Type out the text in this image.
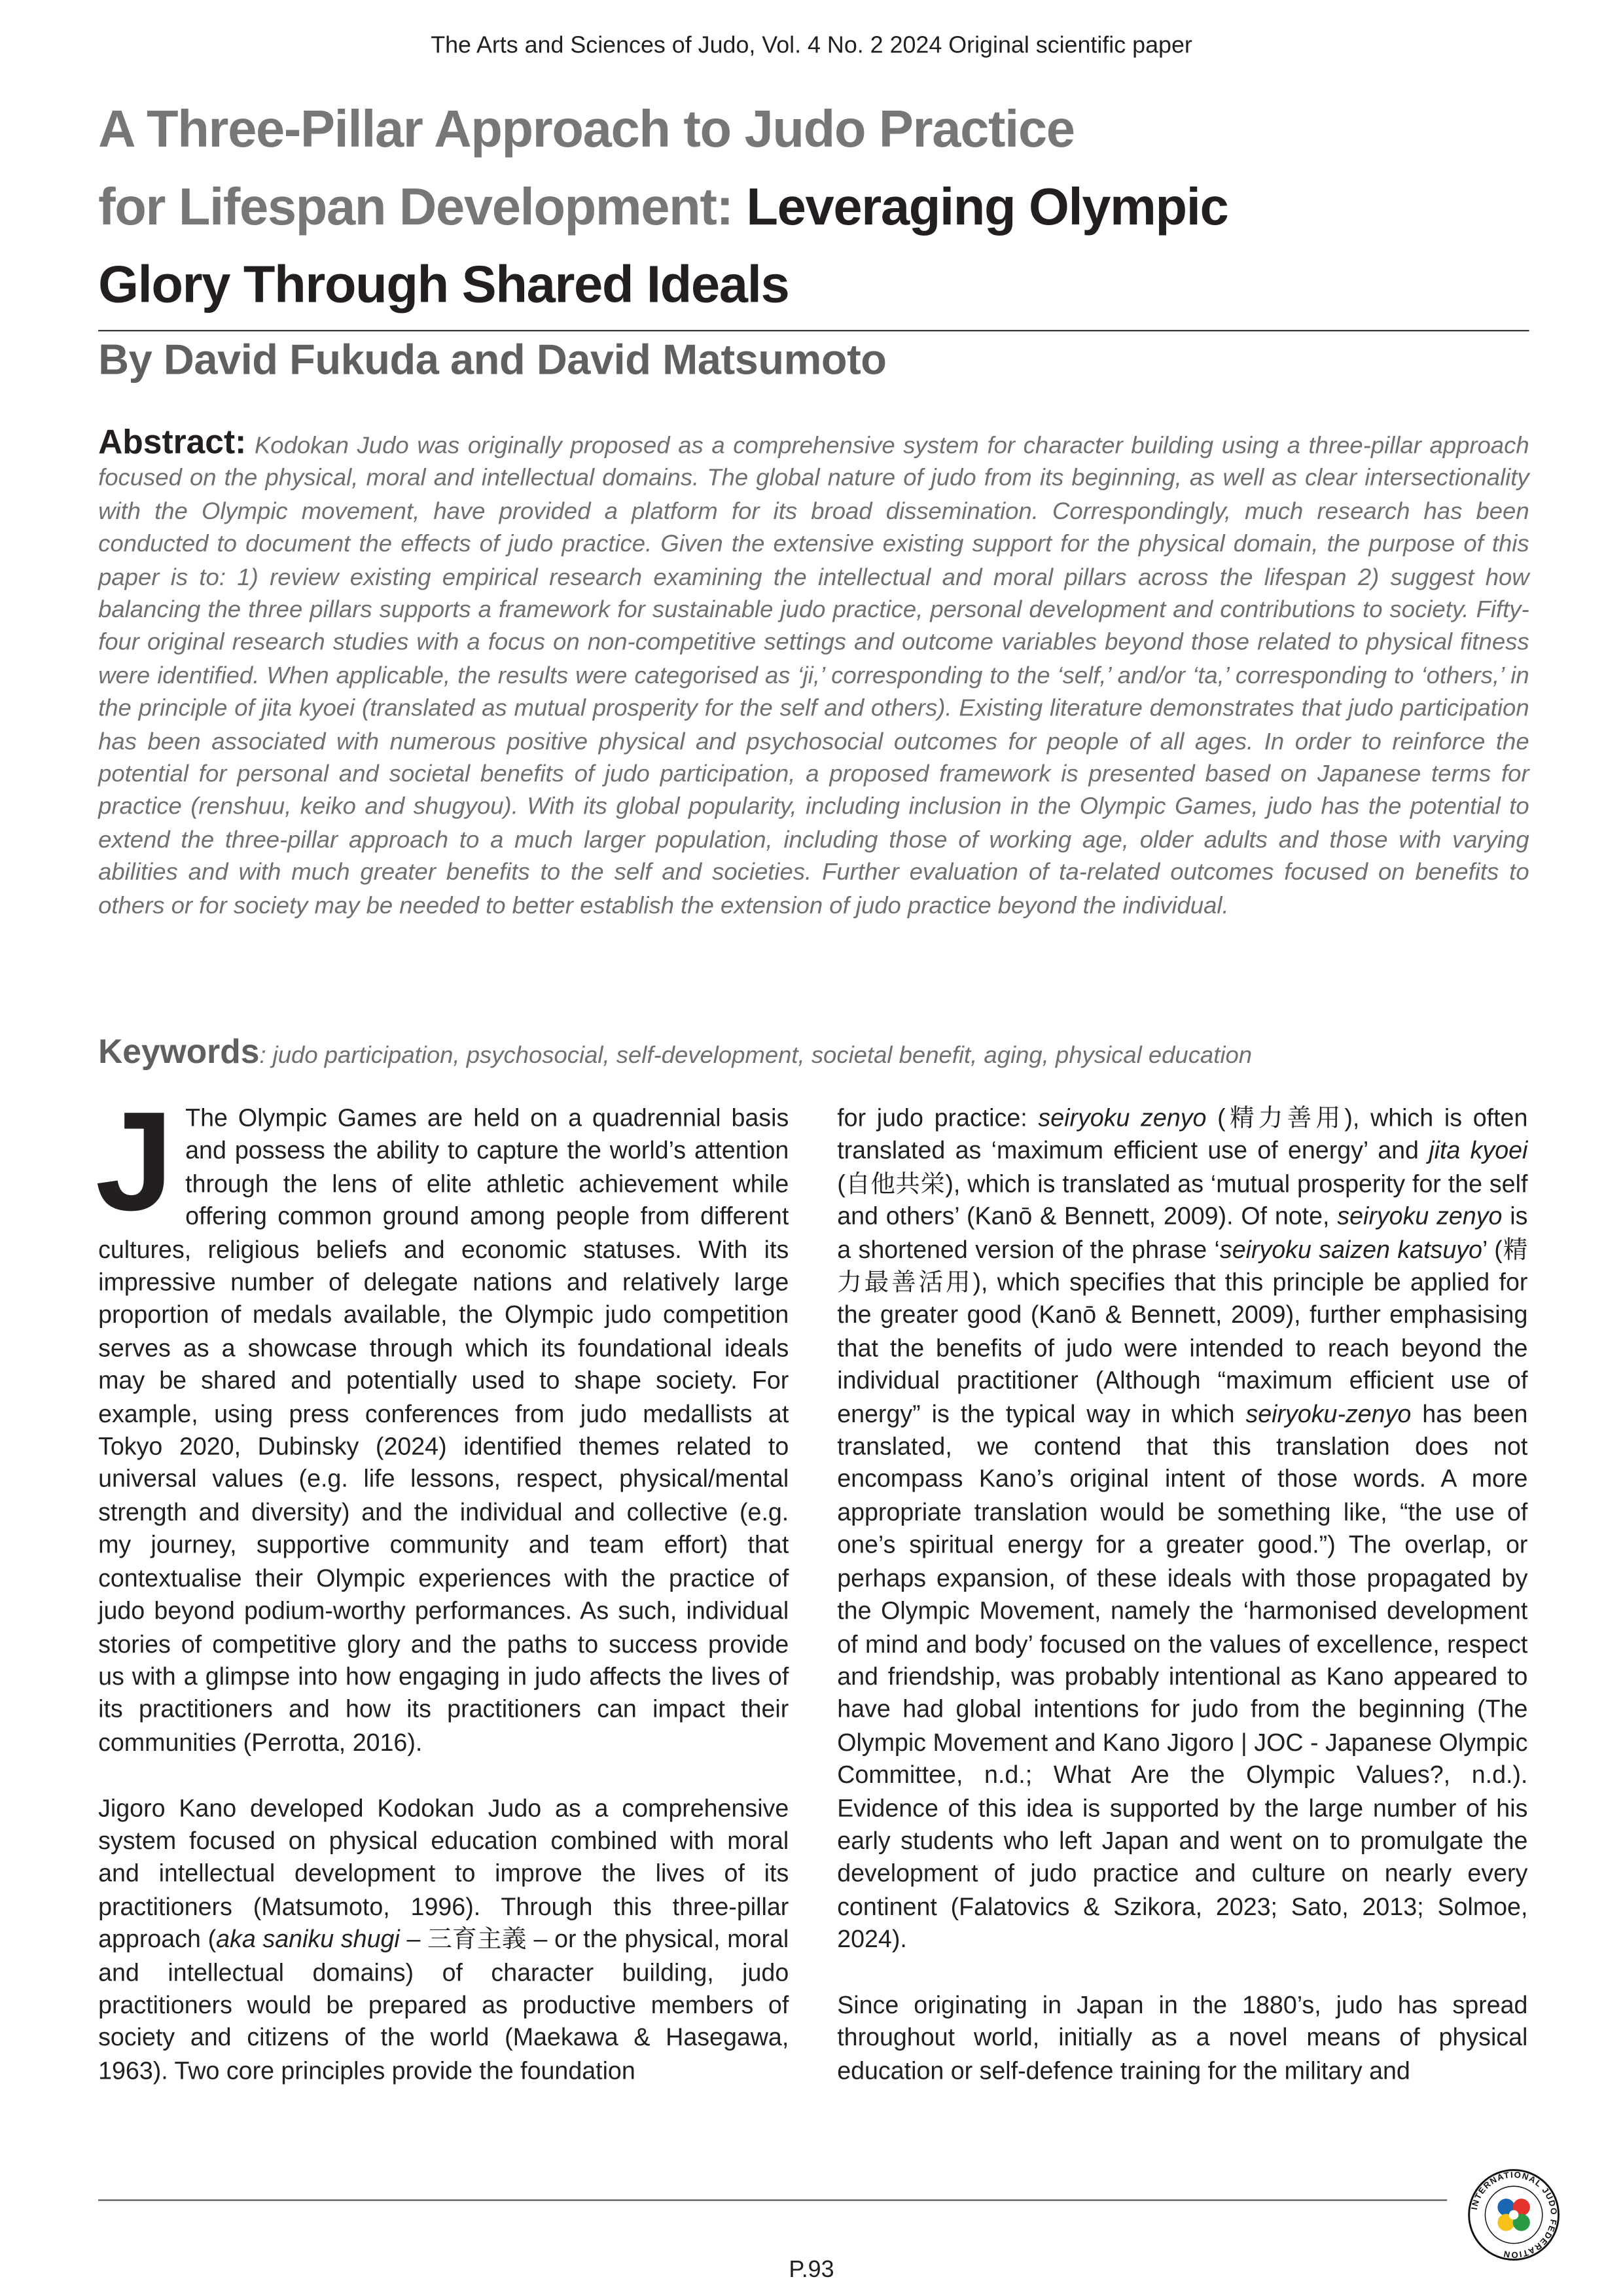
The Arts and Sciences of Judo, Vol. 4 No. 2 2024 Original scientific paper
A Three-Pillar Approach to Judo Practice
for Lifespan Development: Leveraging Olympic
Glory Through Shared Ideals
By David Fukuda and David Matsumoto
Abstract: Kodokan Judo was originally proposed as a comprehensive system for character building using a three-pillar approach focused on the physical, moral and intellectual domains. The global nature of judo from its beginning, as well as clear intersectionality with the Olympic movement, have provided a platform for its broad dissemination. Correspondingly, much research has been conducted to document the effects of judo practice. Given the extensive existing support for the physical domain, the purpose of this paper is to: 1) review existing empirical research examining the intellectual and moral pillars across the lifespan 2) suggest how balancing the three pillars supports a framework for sustainable judo practice, personal development and contributions to society. Fifty-four original research studies with a focus on non-competitive settings and outcome variables beyond those related to physical fitness were identified. When applicable, the results were categorised as ‘ji,’ corresponding to the ‘self,’ and/or ‘ta,’ corresponding to ‘others,’ in the principle of jita kyoei (translated as mutual prosperity for the self and others). Existing literature demonstrates that judo participation has been associated with numerous positive physical and psychosocial outcomes for people of all ages. In order to reinforce the potential for personal and societal benefits of judo participation, a proposed framework is presented based on Japanese terms for practice (renshuu, keiko and shugyou). With its global popularity, including inclusion in the Olympic Games, judo has the potential to extend the three-pillar approach to a much larger population, including those of working age, older adults and those with varying abilities and with much greater benefits to the self and societies. Further evaluation of ta-related outcomes focused on benefits to others or for society may be needed to better establish the extension of judo practice beyond the individual.
Keywords: judo participation, psychosocial, self-development, societal benefit, aging, physical education

J The Olympic Games are held on a quadrennial basis and possess the ability to capture the world’s attention through the lens of elite athletic achievement while offering common ground among people from different cultures, religious beliefs and economic statuses. With its impressive number of delegate nations and relatively large proportion of medals available, the Olympic judo competition serves as a showcase through which its foundational ideals may be shared and potentially used to shape society. For example, using press conferences from judo medallists at Tokyo 2020, Dubinsky (2024) identified themes related to universal values (e.g. life lessons, respect, physical/mental strength and diversity) and the individual and collective (e.g. my journey, supportive community and team effort) that contextualise their Olympic experiences with the practice of judo beyond podium-worthy performances. As such, individual stories of competitive glory and the paths to success provide us with a glimpse into how engaging in judo affects the lives of its practitioners and how its practitioners can impact their communities (Perrotta, 2016).

Jigoro Kano developed Kodokan Judo as a comprehensive system focused on physical education combined with moral and intellectual development to improve the lives of its practitioners (Matsumoto, 1996). Through this three-pillar approach (aka saniku shugi – 三育主義 – or the physical, moral and intellectual domains) of character building, judo practitioners would be prepared as productive members of society and citizens of the world (Maekawa & Hasegawa, 1963). Two core principles provide the foundation

for judo practice: seiryoku zenyo (精力善用), which is often translated as ‘maximum efficient use of energy’ and jita kyoei (自他共栄), which is translated as ‘mutual prosperity for the self and others’ (Kanō & Bennett, 2009). Of note, seiryoku zenyo is a shortened version of the phrase ‘seiryoku saizen katsuyo’ (精力最善活用), which specifies that this principle be applied for the greater good (Kanō & Bennett, 2009), further emphasising that the benefits of judo were intended to reach beyond the individual practitioner (Although “maximum efficient use of energy” is the typical way in which seiryoku-zenyo has been translated, we contend that this translation does not encompass Kano’s original intent of those words. A more appropriate translation would be something like, “the use of one’s spiritual energy for a greater good.”) The overlap, or perhaps expansion, of these ideals with those propagated by the Olympic Movement, namely the ‘harmonised development of mind and body’ focused on the values of excellence, respect and friendship, was probably intentional as Kano appeared to have had global intentions for judo from the beginning (The Olympic Movement and Kano Jigoro | JOC - Japanese Olympic Committee, n.d.; What Are the Olympic Values?, n.d.). Evidence of this idea is supported by the large number of his early students who left Japan and went on to promulgate the development of judo practice and culture on nearly every continent (Falatovics & Szikora, 2023; Sato, 2013; Solmoe, 2024).

Since originating in Japan in the 1880’s, judo has spread throughout world, initially as a novel means of physical education or self-defence training for the military and

P.93
INTERNATIONAL JUDO FEDERATION
